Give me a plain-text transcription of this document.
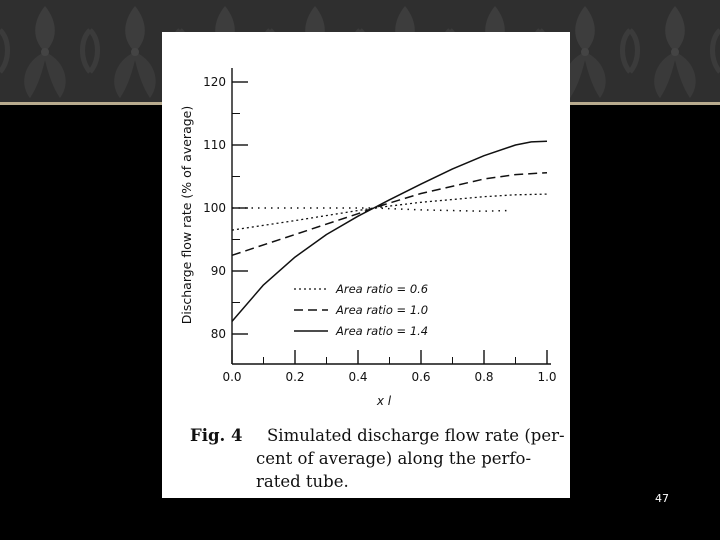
80
90
100
110
120
0.0	0.2	0.4	0.6	0.8	1.0
Area ratio = 0.6
Area ratio = 1.0
Area ratio = 1.4
Discharge flow rate (% of average)
x l
Fig. 4 Simulated discharge flow rate (per-
cent of average) along the perfo-
rated tube.
47
